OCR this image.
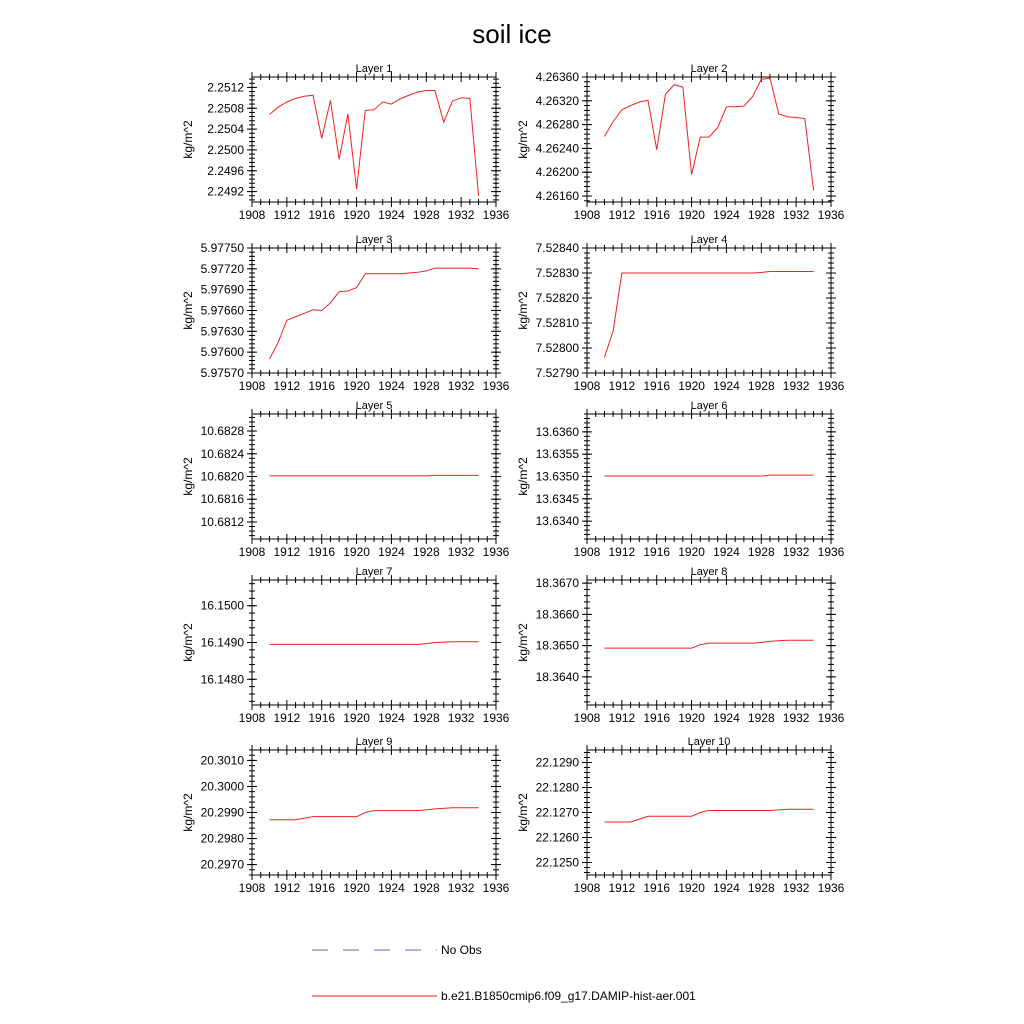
soil ice
Layer 1
kg/m^2
1908 1912 1916 1920 1924 1928 1932 1936
2.2492
2.2496
2.2500
2.2504
2.2508
2.2512
Layer 2
kg/m^2
1908 1912 1916 1920 1924 1928 1932 1936
4.26160
4.26200
4.26240
4.26280
4.26320
4.26360
Layer 3
kg/m^2
1908 1912 1916 1920 1924 1928 1932 1936
5.97570
5.97600
5.97630
5.97660
5.97690
5.97720
5.97750
Layer 4
kg/m^2
1908 1912 1916 1920 1924 1928 1932 1936
7.52790
7.52800
7.52810
7.52820
7.52830
7.52840
Layer 5
kg/m^2
1908 1912 1916 1920 1924 1928 1932 1936
10.6812
10.6816
10.6820
10.6824
10.6828
Layer 6
kg/m^2
1908 1912 1916 1920 1924 1928 1932 1936
13.6340
13.6345
13.6350
13.6355
13.6360
Layer 7
kg/m^2
1908 1912 1916 1920 1924 1928 1932 1936
16.1480
16.1490
16.1500
Layer 8
kg/m^2
1908 1912 1916 1920 1924 1928 1932 1936
18.3640
18.3650
18.3660
18.3670
Layer 9
kg/m^2
1908 1912 1916 1920 1924 1928 1932 1936
20.2970
20.2980
20.2990
20.3000
20.3010
Layer 10
kg/m^2
1908 1912 1916 1920 1924 1928 1932 1936
22.1250
22.1260
22.1270
22.1280
22.1290
No Obs
b.e21.B1850cmip6.f09_g17.DAMIP-hist-aer.001
